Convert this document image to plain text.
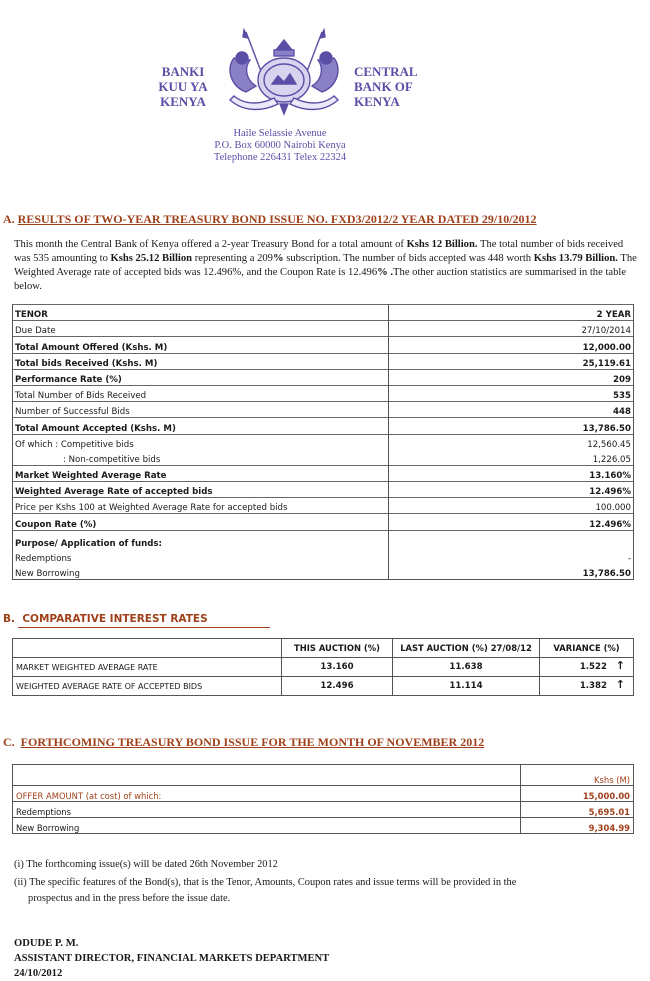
BANKI
KUU YA
KENYA
CENTRAL
BANK OF
KENYA
Haile Selassie Avenue
P.O. Box 60000 Nairobi Kenya
Telephone 226431 Telex 22324
A. RESULTS OF TWO-YEAR TREASURY BOND ISSUE NO. FXD3/2012/2 YEAR DATED 29/10/2012
This month the Central Bank of Kenya offered a 2-year Treasury Bond for a total amount of Kshs 12 Billion. The total number of bids received was 535 amounting to Kshs 25.12 Billion representing a 209% subscription. The number of bids accepted was 448 worth Kshs 13.79 Billion. The Weighted Average rate of accepted bids was 12.496%, and the Coupon Rate is 12.496% .The other auction statistics are summarised in the table below.
TENOR	2 YEAR
Due Date	27/10/2014
Total Amount Offered (Kshs. M)	12,000.00
Total bids Received (Kshs. M)	25,119.61
Performance Rate (%)	209
Total Number of Bids Received	535
Number of Successful Bids	448
Total Amount Accepted (Kshs. M)	13,786.50
Of which : Competitive bids	12,560.45
: Non-competitive bids	1,226.05
Market Weighted Average Rate	13.160%
Weighted Average Rate of accepted bids	12.496%
Price per Kshs 100 at Weighted Average Rate for accepted bids	100.000
Coupon Rate (%)	12.496%
Purpose/ Application of funds:	
Redemptions	-
New Borrowing	13,786.50
B. COMPARATIVE INTEREST RATES
	THIS AUCTION (%)	LAST AUCTION (%) 27/08/12	VARIANCE (%)
MARKET WEIGHTED AVERAGE RATE	13.160	11.638	1.522 ↑

WEIGHTED AVERAGE RATE OF ACCEPTED BIDS	12.496	11.114	1.382 ↑
C. FORTHCOMING TREASURY BOND ISSUE FOR THE MONTH OF NOVEMBER 2012
	Kshs (M)
OFFER AMOUNT (at cost) of which:	15,000.00
Redemptions	5,695.01
New Borrowing	9,304.99
(i) The forthcoming issue(s) will be dated 26th November 2012
(ii) The specific features of the Bond(s), that is the Tenor, Amounts, Coupon rates and issue terms will be provided in the
prospectus and in the press before the issue date.
ODUDE P. M.
ASSISTANT DIRECTOR, FINANCIAL MARKETS DEPARTMENT
24/10/2012
